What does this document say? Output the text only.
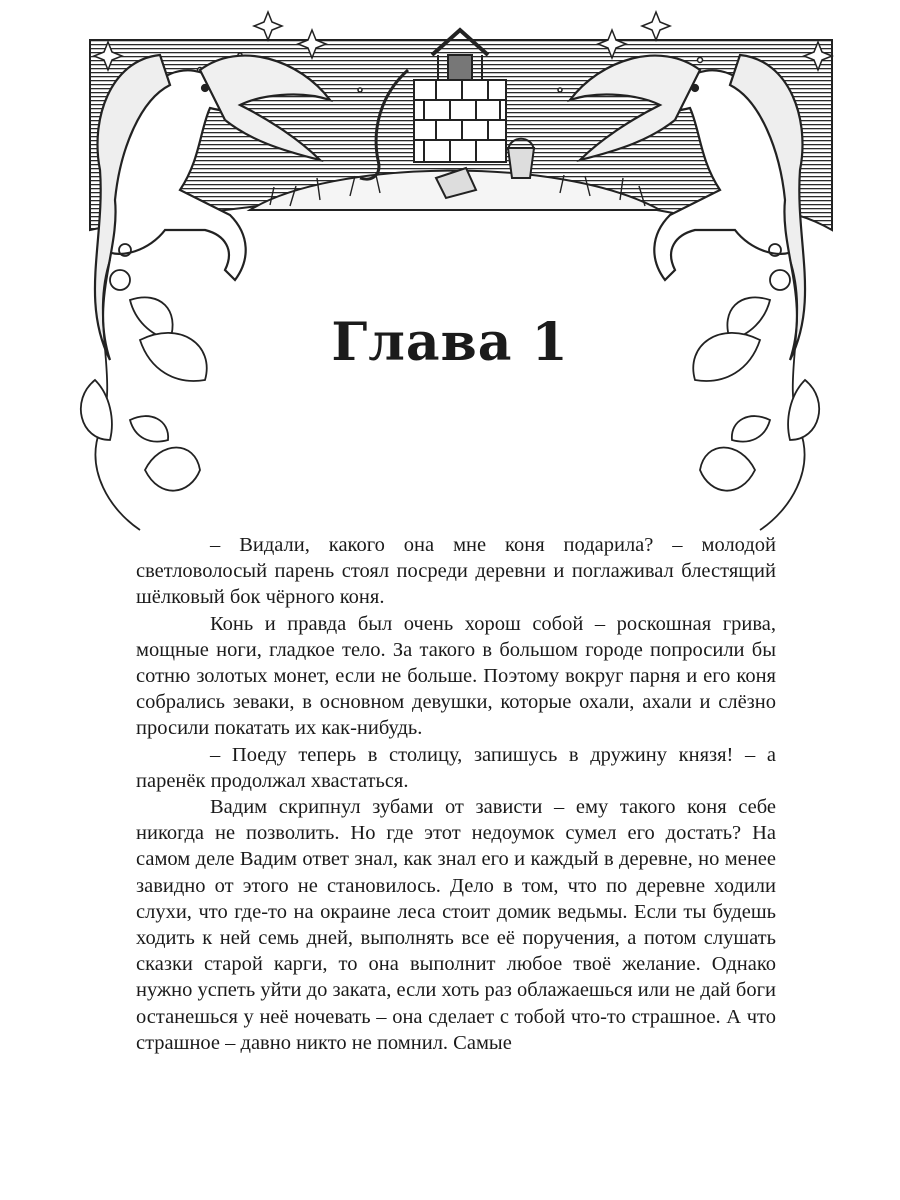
Глава 1

– Видали, какого она мне коня подарила? – молодой светловолосый парень стоял посреди деревни и поглаживал блестящий шёлковый бок чёрного коня.

Конь и правда был очень хорош собой – роскошная грива, мощные ноги, гладкое тело. За такого в большом городе попросили бы сотню золотых монет, если не больше. Поэтому вокруг парня и его коня собрались зеваки, в основном девушки, которые охали, ахали и слёзно просили покатать их как-нибудь.

– Поеду теперь в столицу, запишусь в дружину князя! – а паренёк продолжал хвастаться.

Вадим скрипнул зубами от зависти – ему такого коня себе никогда не позволить. Но где этот недоумок сумел его достать? На самом деле Вадим ответ знал, как знал его и каждый в деревне, но менее завидно от этого не становилось. Дело в том, что по деревне ходили слухи, что где-то на окраине леса стоит домик ведьмы. Если ты будешь ходить к ней семь дней, выполнять все её поручения, а потом слушать сказки старой карги, то она выполнит любое твоё желание. Однако нужно успеть уйти до заката, если хоть раз облажаешься или не дай боги останешься у неё ночевать – она сделает с тобой что-то страшное. А что страшное – давно никто не помнил. Самые
